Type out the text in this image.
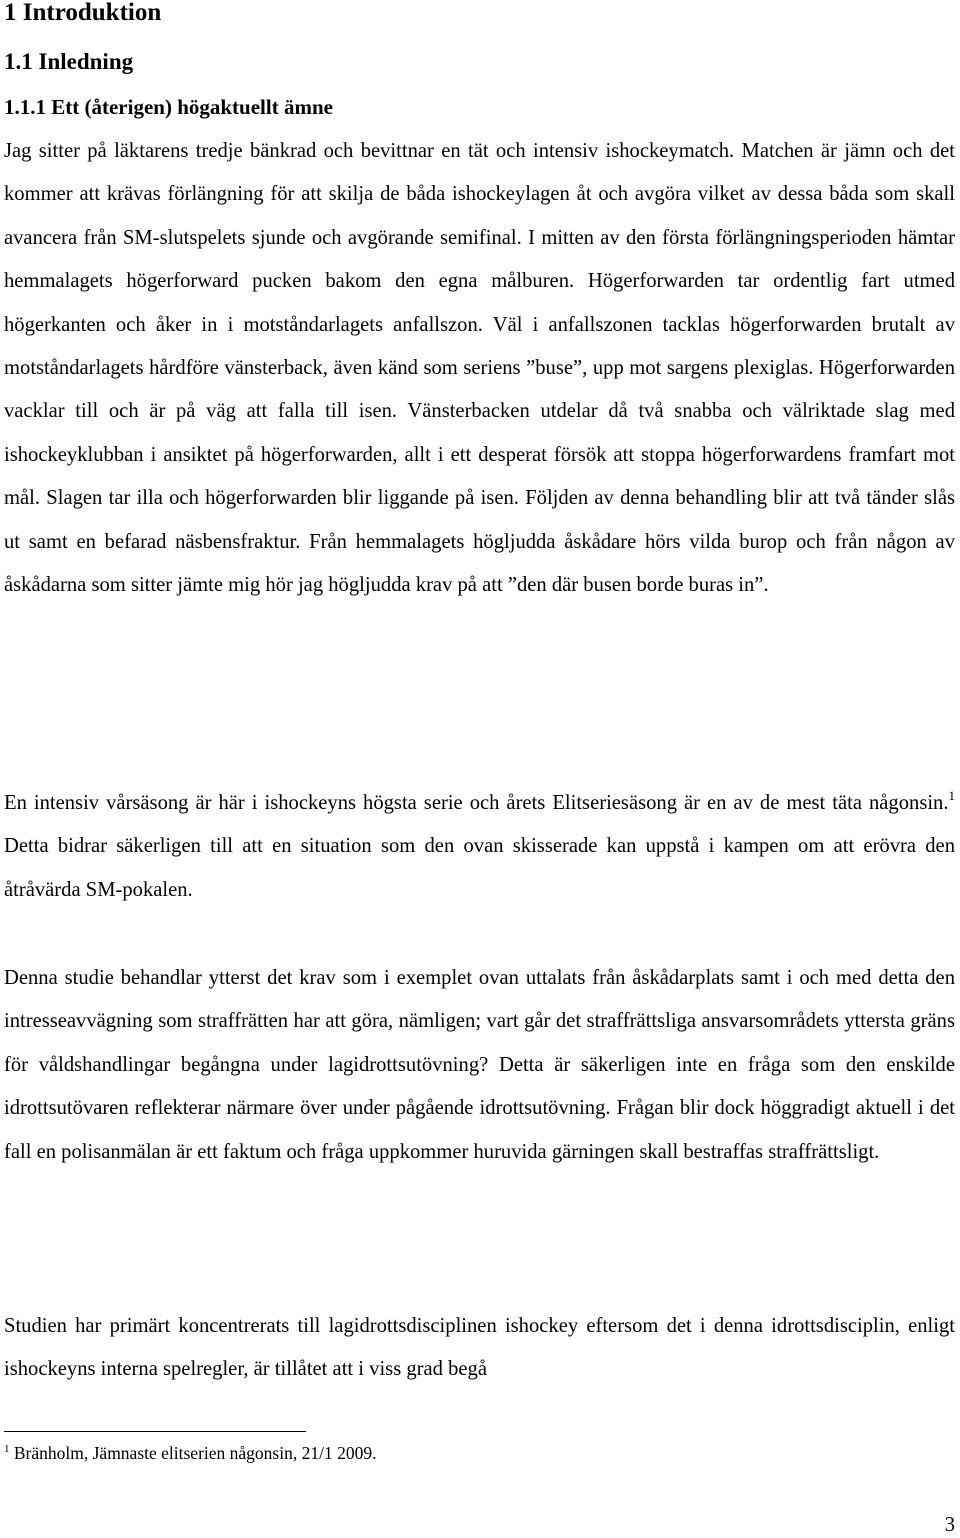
1 Introduktion
1.1 Inledning
1.1.1 Ett (återigen) högaktuellt ämne

Jag sitter på läktarens tredje bänkrad och bevittnar en tät och intensiv ishockeymatch. Matchen är jämn och det kommer att krävas förlängning för att skilja de båda ishockeylagen åt och avgöra vilket av dessa båda som skall avancera från SM-slutspelets sjunde och avgörande semifinal. I mitten av den första förlängningsperioden hämtar hemmalagets högerforward pucken bakom den egna målburen. Högerforwarden tar ordentlig fart utmed högerkanten och åker in i motståndarlagets anfallszon. Väl i anfallszonen tacklas högerforwarden brutalt av motståndarlagets hårdföre vänsterback, även känd som seriens ”buse”, upp mot sargens plexiglas. Högerforwarden vacklar till och är på väg att falla till isen. Vänsterbacken utdelar då två snabba och välriktade slag med ishockeyklubban i ansiktet på högerforwarden, allt i ett desperat försök att stoppa högerforwardens framfart mot mål. Slagen tar illa och högerforwarden blir liggande på isen. Följden av denna behandling blir att två tänder slås ut samt en befarad näsbensfraktur. Från hemmalagets högljudda åskådare hörs vilda burop och från någon av åskådarna som sitter jämte mig hör jag högljudda krav på att ”den där busen borde buras in”.

En intensiv vårsäsong är här i ishockeyns högsta serie och årets Elitseriesäsong är en av de mest täta någonsin.$^1$ Detta bidrar säkerligen till att en situation som den ovan skisserade kan uppstå i kampen om att erövra den åtråvärda SM-pokalen.

Denna studie behandlar ytterst det krav som i exemplet ovan uttalats från åskådarplats samt i och med detta den intresseavvägning som straffrätten har att göra, nämligen; vart går det straffrättsliga ansvarsområdets yttersta gräns för våldshandlingar begångna under lagidrottsutövning? Detta är säkerligen inte en fråga som den enskilde idrottsutövaren reflekterar närmare över under pågående idrottsutövning. Frågan blir dock höggradigt aktuell i det fall en polisanmälan är ett faktum och fråga uppkommer huruvida gärningen skall bestraffas straffrättsligt.

Studien har primärt koncentrerats till lagidrottsdisciplinen ishockey eftersom det i denna idrottsdisciplin, enligt ishockeyns interna spelregler, är tillåtet att i viss grad begå

$^1$ Bränholm, Jämnaste elitserien någonsin, 21/1 2009.

3
